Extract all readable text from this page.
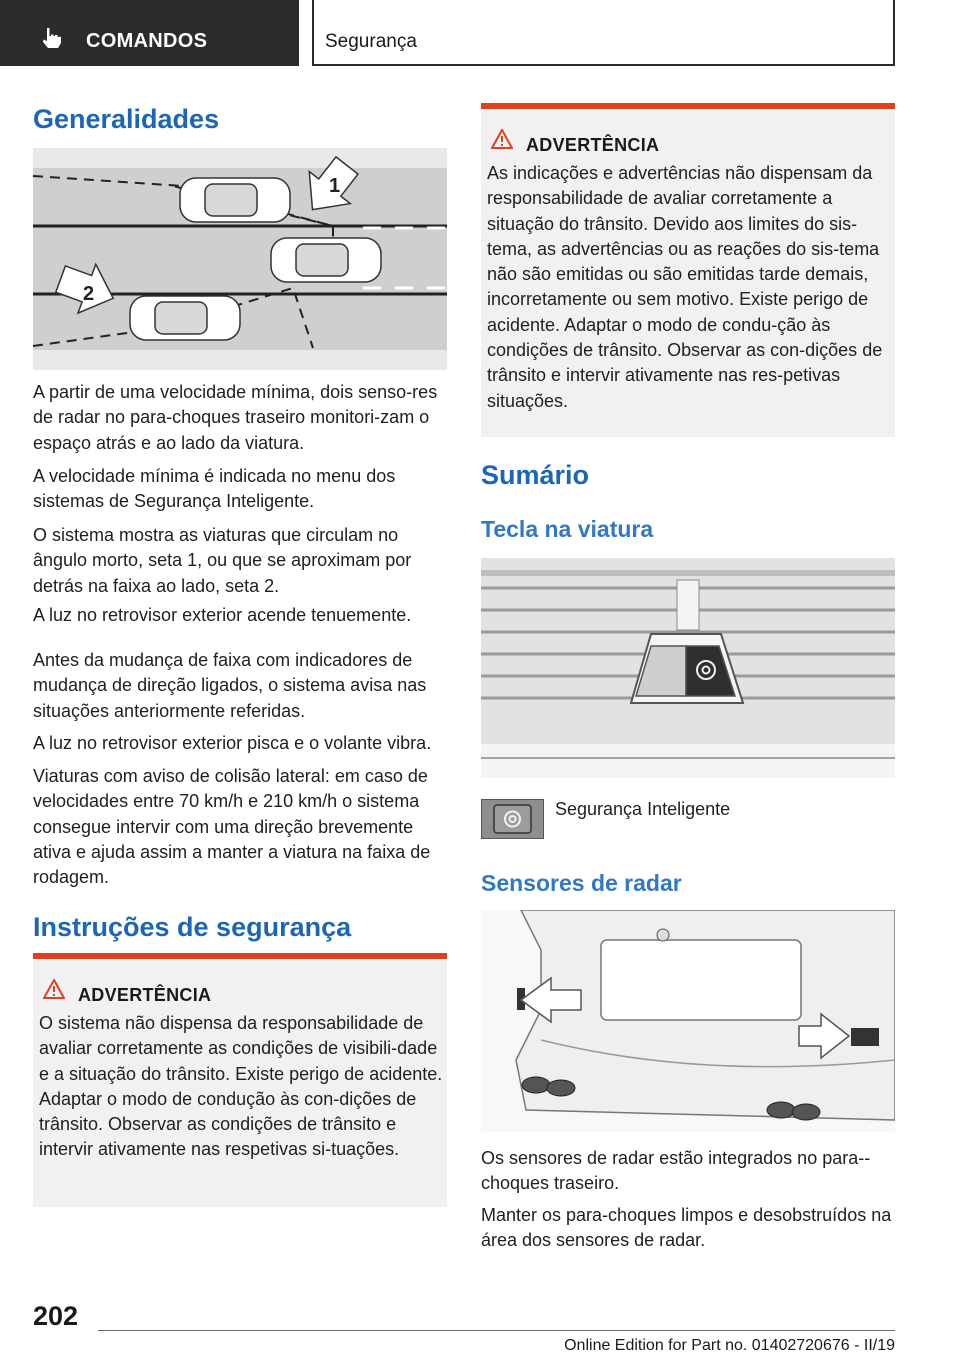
COMANDOS	Segurança
Generalidades
1
2

A partir de uma velocidade mínima, dois senso-res de radar no para-choques traseiro monitori-zam o espaço atrás e ao lado da viatura.

A velocidade mínima é indicada no menu dos sistemas de Segurança Inteligente.

O sistema mostra as viaturas que circulam no ângulo morto, seta 1, ou que se aproximam por detrás na faixa ao lado, seta 2.

A luz no retrovisor exterior acende tenuemente.

Antes da mudança de faixa com indicadores de mudança de direção ligados, o sistema avisa nas situações anteriormente referidas.

A luz no retrovisor exterior pisca e o volante vibra.

Viaturas com aviso de colisão lateral: em caso de velocidades entre 70 km/h e 210 km/h o sistema consegue intervir com uma direção brevemente ativa e ajuda assim a manter a viatura na faixa de rodagem.

Instruções de segurança
ADVERTÊNCIA

O sistema não dispensa da responsabilidade de avaliar corretamente as condições de visibili-dade e a situação do trânsito. Existe perigo de acidente. Adaptar o modo de condução às con-dições de trânsito. Observar as condições de trânsito e intervir ativamente nas respetivas si-tuações.

ADVERTÊNCIA

As indicações e advertências não dispensam da responsabilidade de avaliar corretamente a situação do trânsito. Devido aos limites do sis-tema, as advertências ou as reações do sis-tema não são emitidas ou são emitidas tarde demais, incorretamente ou sem motivo. Existe perigo de acidente. Adaptar o modo de condu-ção às condições de trânsito. Observar as con-dições de trânsito e intervir ativamente nas res-petivas situações.

Sumário
Tecla na viatura
Segurança Inteligente
Sensores de radar

Os sensores de radar estão integrados no para--choques traseiro.

Manter os para-choques limpos e desobstruídos na área dos sensores de radar.

202
Online Edition for Part no. 01402720676 - II/19
